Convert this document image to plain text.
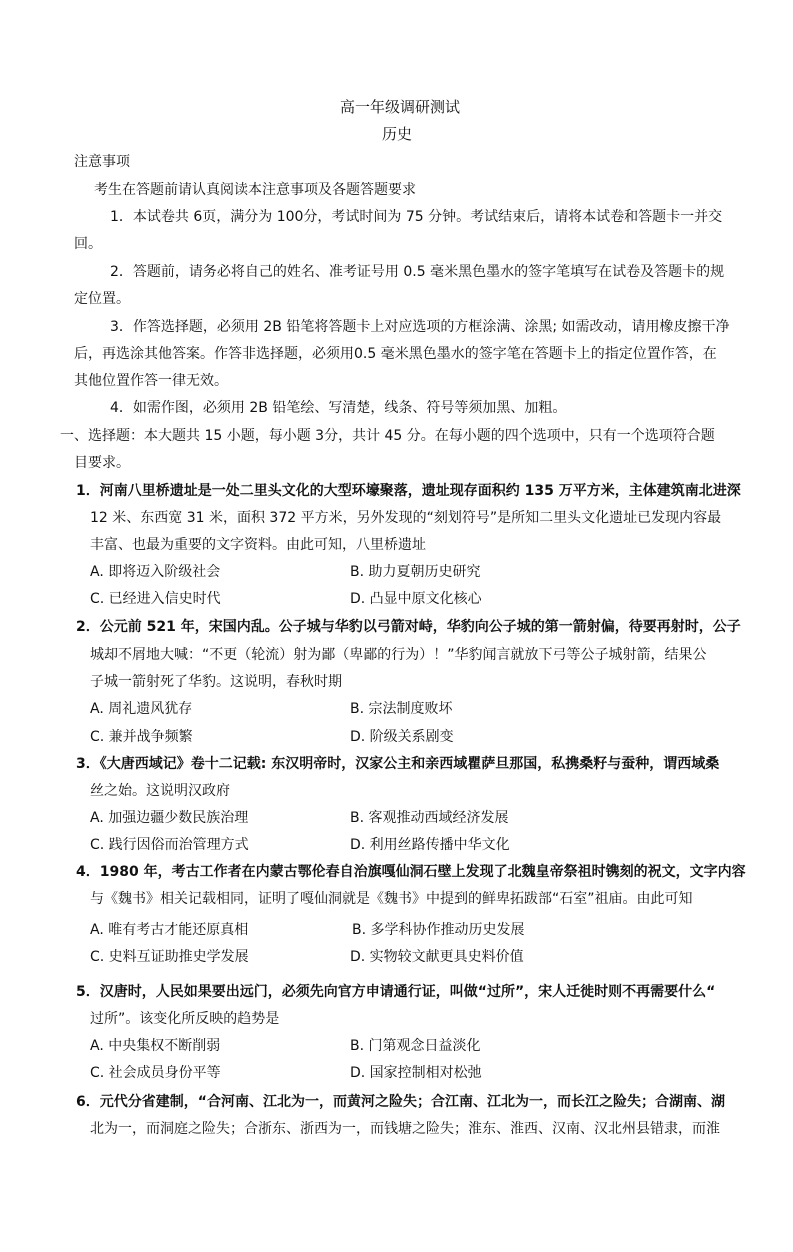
高一年级调研测试
历史
注意事项
考生在答题前请认真阅读本注意事项及各题答题要求
1．本试卷共 6页，满分为 100分，考试时间为 75 分钟。考试结束后，请将本试卷和答题卡一并交
回。
2．答题前，请务必将自己的姓名、准考证号用 0.5 毫米黑色墨水的签字笔填写在试卷及答题卡的规
定位置。
3．作答选择题，必须用 2B 铅笔将答题卡上对应选项的方框涂满、涂黑; 如需改动，请用橡皮擦干净
后，再选涂其他答案。作答非选择题，必须用0.5 毫米黑色墨水的签字笔在答题卡上的指定位置作答，在
其他位置作答一律无效。
4．如需作图，必须用 2B 铅笔绘、写清楚，线条、符号等须加黑、加粗。
一、选择题：本大题共 15 小题，每小题 3分，共计 45 分。在每小题的四个选项中，只有一个选项符合题
目要求。
1．河南八里桥遗址是一处二里头文化的大型环壕聚落，遗址现存面积约 135 万平方米，主体建筑南北进深
12 米、东西宽 31 米，面积 372 平方米，另外发现的“刻划符号”是所知二里头文化遗址已发现内容最
丰富、也最为重要的文字资料。由此可知，八里桥遗址
A. 即将迈入阶级社会	B. 助力夏朝历史研究
C. 已经进入信史时代	D. 凸显中原文化核心
2．公元前 521 年，宋国内乱。公子城与华豹以弓箭对峙，华豹向公子城的第一箭射偏，待要再射时，公子
城却不屑地大喊：“不更（轮流）射为鄙（卑鄙的行为）！”华豹闻言就放下弓等公子城射箭，结果公
子城一箭射死了华豹。这说明，春秋时期
A. 周礼遗风犹存	B. 宗法制度败坏
C. 兼并战争频繁	D. 阶级关系剧变
3．《大唐西域记》卷十二记载: 东汉明帝时，汉家公主和亲西域瞿萨旦那国，私携桑籽与蚕种，谓西域桑
丝之始。这说明汉政府
A. 加强边疆少数民族治理	B. 客观推动西域经济发展
C. 践行因俗而治管理方式	D. 利用丝路传播中华文化
4．1980 年，考古工作者在内蒙古鄂伦春自治旗嘎仙洞石壁上发现了北魏皇帝祭祖时镌刻的祝文，文字内容
与《魏书》相关记载相同，证明了嘎仙洞就是《魏书》中提到的鲜卑拓跋部“石室”祖庙。由此可知
A. 唯有考古才能还原真相	B. 多学科协作推动历史发展
C. 史料互证助推史学发展	D. 实物较文献更具史料价值
5．汉唐时，人民如果要出远门，必须先向官方申请通行证，叫做“过所”，宋人迁徙时则不再需要什么“
过所”。该变化所反映的趋势是
A. 中央集权不断削弱	B. 门第观念日益淡化
C. 社会成员身份平等	D. 国家控制相对松弛
6．元代分省建制，“合河南、江北为一，而黄河之险失；合江南、江北为一，而长江之险失；合湖南、湖
北为一，而洞庭之险失；合浙东、浙西为一，而钱塘之险失；淮东、淮西、汉南、汉北州县错隶，而淮
